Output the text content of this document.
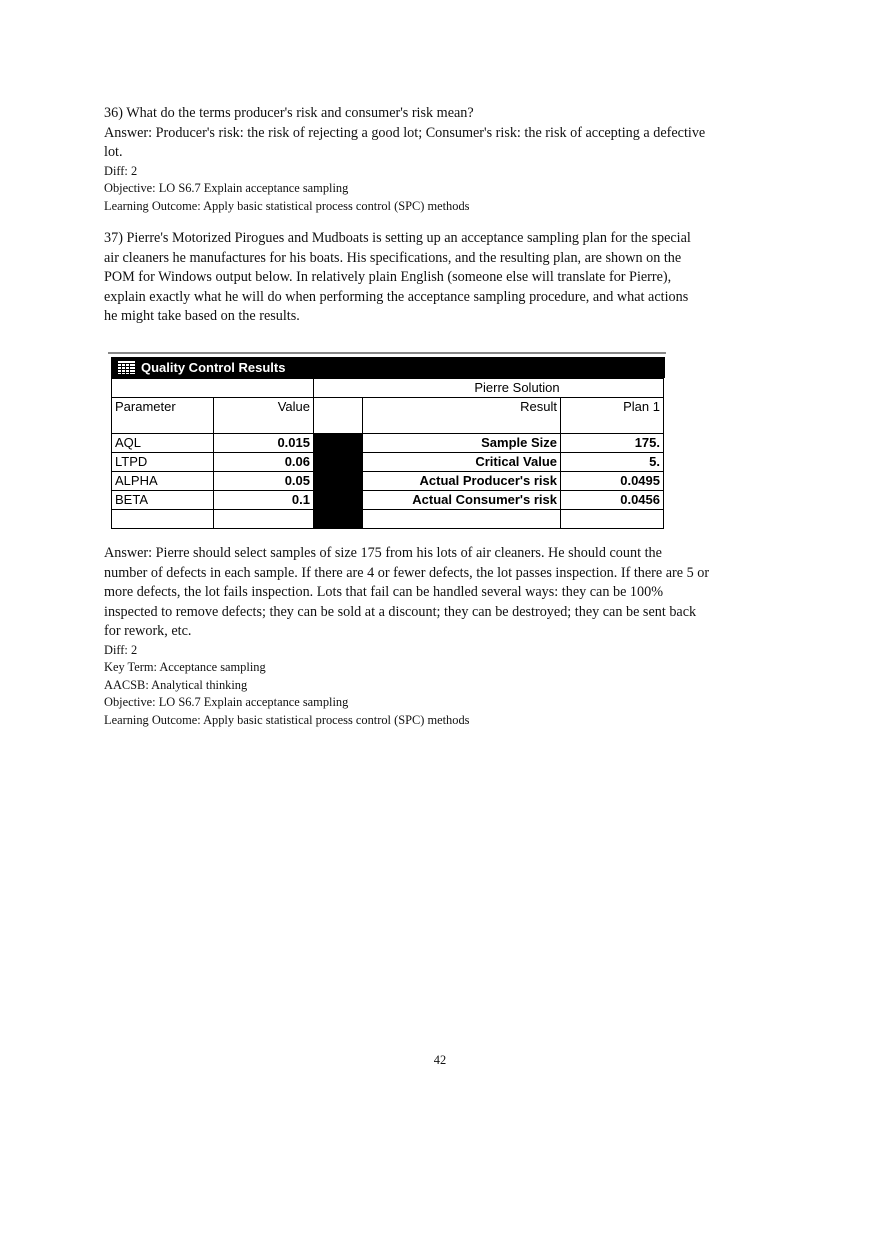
36) What do the terms producer's risk and consumer's risk mean?

Answer: Producer's risk: the risk of rejecting a good lot; Consumer's risk: the risk of accepting a defective

lot.

Diff: 2

Objective: LO S6.7 Explain acceptance sampling

Learning Outcome: Apply basic statistical process control (SPC) methods

37) Pierre's Motorized Pirogues and Mudboats is setting up an acceptance sampling plan for the special

air cleaners he manufactures for his boats. His specifications, and the resulting plan, are shown on the

POM for Windows output below. In relatively plain English (someone else will translate for Pierre),

explain exactly what he will do when performing the acceptance sampling procedure, and what actions

he might take based on the results.

Quality Control Results
		Pierre Solution		
Parameter	Value		Result	Plan 1
AQL	0.015		Sample Size	175.
LTPD	0.06		Critical Value	5.
ALPHA	0.05		Actual Producer's risk	0.0495
BETA	0.1		Actual Consumer's risk	0.0456

Answer: Pierre should select samples of size 175 from his lots of air cleaners. He should count the

number of defects in each sample. If there are 4 or fewer defects, the lot passes inspection. If there are 5 or

more defects, the lot fails inspection. Lots that fail can be handled several ways: they can be 100%

inspected to remove defects; they can be sold at a discount; they can be destroyed; they can be sent back

for rework, etc.

Diff: 2

Key Term: Acceptance sampling

AACSB: Analytical thinking

Objective: LO S6.7 Explain acceptance sampling

Learning Outcome: Apply basic statistical process control (SPC) methods

42
